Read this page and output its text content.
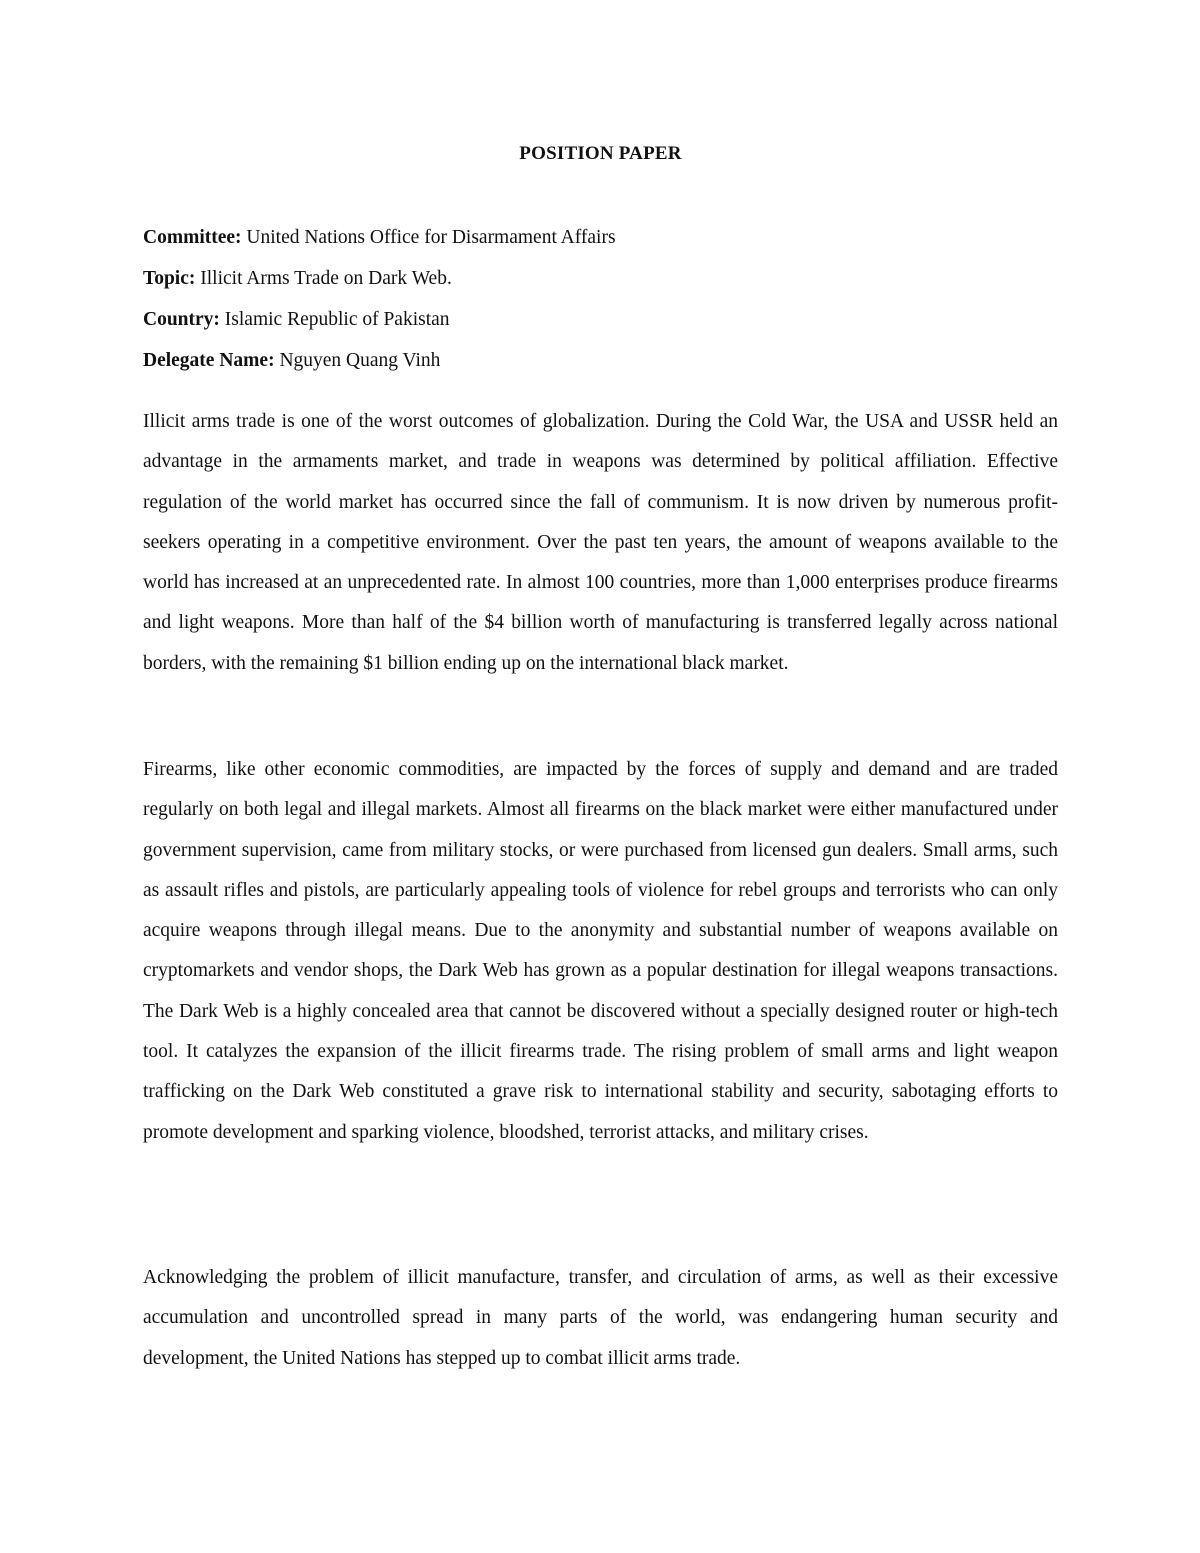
POSITION PAPER
Committee: United Nations Office for Disarmament Affairs
Topic: Illicit Arms Trade on Dark Web.
Country: Islamic Republic of Pakistan
Delegate Name: Nguyen Quang Vinh

Illicit arms trade is one of the worst outcomes of globalization. During the Cold War, the USA and USSR held an advantage in the armaments market, and trade in weapons was determined by political affiliation. Effective regulation of the world market has occurred since the fall of communism. It is now driven by numerous profit-seekers operating in a competitive environment. Over the past ten years, the amount of weapons available to the world has increased at an unprecedented rate. In almost 100 countries, more than 1,000 enterprises produce firearms and light weapons. More than half of the $4 billion worth of manufacturing is transferred legally across national borders, with the remaining $1 billion ending up on the international black market.

Firearms, like other economic commodities, are impacted by the forces of supply and demand and are traded regularly on both legal and illegal markets. Almost all firearms on the black market were either manufactured under government supervision, came from military stocks, or were purchased from licensed gun dealers. Small arms, such as assault rifles and pistols, are particularly appealing tools of violence for rebel groups and terrorists who can only acquire weapons through illegal means. Due to the anonymity and substantial number of weapons available on cryptomarkets and vendor shops, the Dark Web has grown as a popular destination for illegal weapons transactions. The Dark Web is a highly concealed area that cannot be discovered without a specially designed router or high-tech tool. It catalyzes the expansion of the illicit firearms trade. The rising problem of small arms and light weapon trafficking on the Dark Web constituted a grave risk to international stability and security, sabotaging efforts to promote development and sparking violence, bloodshed, terrorist attacks, and military crises.

Acknowledging the problem of illicit manufacture, transfer, and circulation of arms, as well as their excessive accumulation and uncontrolled spread in many parts of the world, was endangering human security and development, the United Nations has stepped up to combat illicit arms trade.
